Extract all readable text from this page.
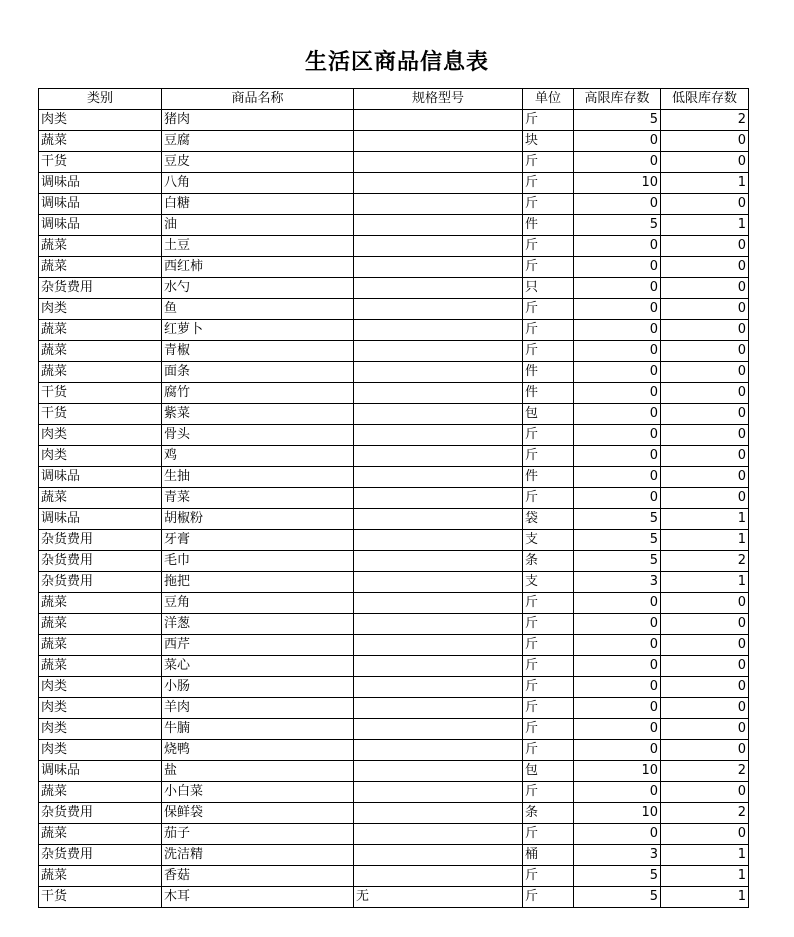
生活区商品信息表
类别	商品名称	规格型号	单位	高限库存数	低限库存数
肉类	猪肉		斤	5	2
蔬菜	豆腐		块	0	0
干货	豆皮		斤	0	0
调味品	八角		斤	10	1
调味品	白糖		斤	0	0
调味品	油		件	5	1
蔬菜	土豆		斤	0	0
蔬菜	西红柿		斤	0	0
杂货费用	水勺		只	0	0
肉类	鱼		斤	0	0
蔬菜	红萝卜		斤	0	0
蔬菜	青椒		斤	0	0
蔬菜	面条		件	0	0
干货	腐竹		件	0	0
干货	紫菜		包	0	0
肉类	骨头		斤	0	0
肉类	鸡		斤	0	0
调味品	生抽		件	0	0
蔬菜	青菜		斤	0	0
调味品	胡椒粉		袋	5	1
杂货费用	牙膏		支	5	1
杂货费用	毛巾		条	5	2
杂货费用	拖把		支	3	1
蔬菜	豆角		斤	0	0
蔬菜	洋葱		斤	0	0
蔬菜	西芹		斤	0	0
蔬菜	菜心		斤	0	0
肉类	小肠		斤	0	0
肉类	羊肉		斤	0	0
肉类	牛腩		斤	0	0
肉类	烧鸭		斤	0	0
调味品	盐		包	10	2
蔬菜	小白菜		斤	0	0
杂货费用	保鲜袋		条	10	2
蔬菜	茄子		斤	0	0
杂货费用	洗洁精		桶	3	1
蔬菜	香菇		斤	5	1
干货	木耳	无	斤	5	1
